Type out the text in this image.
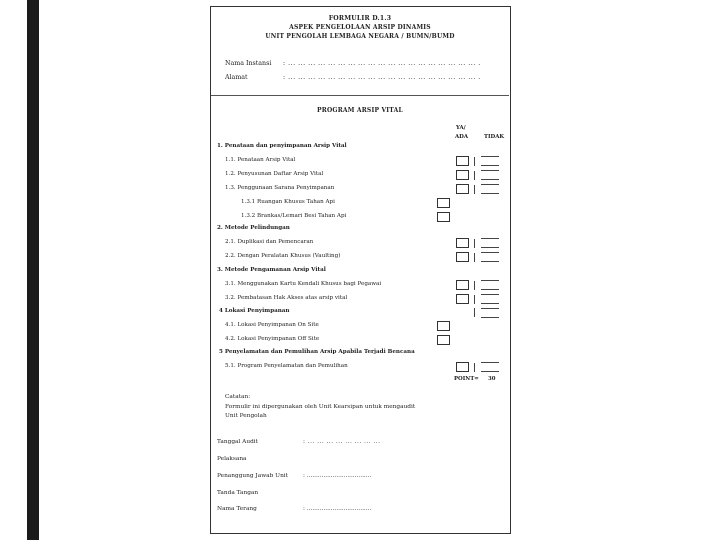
FORMULIR D.1.3
ASPEK PENGELOLAAN ARSIP DINAMIS
UNIT PENGOLAH LEMBAGA NEGARA / BUMN/BUMD
Nama Instansi : ... ... ... ... ... ... ... ... ... ... ... ... ... ... ... ... ... ... ... .
Alamat	: ... ... ... ... ... ... ... ... ... ... ... ... ... ... ... ... ... ... ... .
PROGRAM ARSIP VITAL
YA/
ADA	TIDAK
1. Penataan dan penyimpanan Arsip Vital
1.1. Penataan Arsip Vital
1.2. Penyusunan Daftar Arsip Vital
1.3. Penggunaan Sarana Penyimpanan
1.3.1 Ruangan Khusus Tahan Api
1.3.2 Brankas/Lemari Besi Tahan Api
2. Metode Pelindungan
2.1. Duplikasi dan Pemencaran
2.2. Dengan Peralatan Khusus (Vaulting)
3. Metode Pengamanan Arsip Vital
3.1. Menggunakan Kartu Kendali Khusus bagi Pegawai
3.2. Pembatasan Hak Akses atas arsip vital
4 Lokasi Penyimpanan
4.1. Lokasi Penyimpanan On Site
4.2. Lokasi Penyimpanan Off Site
5 Penyelamatan dan Pemulihan Arsip Apabila Terjadi Bencana
5.1. Program Penyelamatan dan Pemulihan
POINT= 30
Catatan:
Formulir ini dipergunakan oleh Unit Kearsipan untuk mengaudit
Unit Pengolah
Tanggal Audit	: ... ... ... ... ... ... ... ...
Pelaksana
Penanggung Jawab Unit	: ...................................
Tanda Tangan
Nama Terang	: ...................................
